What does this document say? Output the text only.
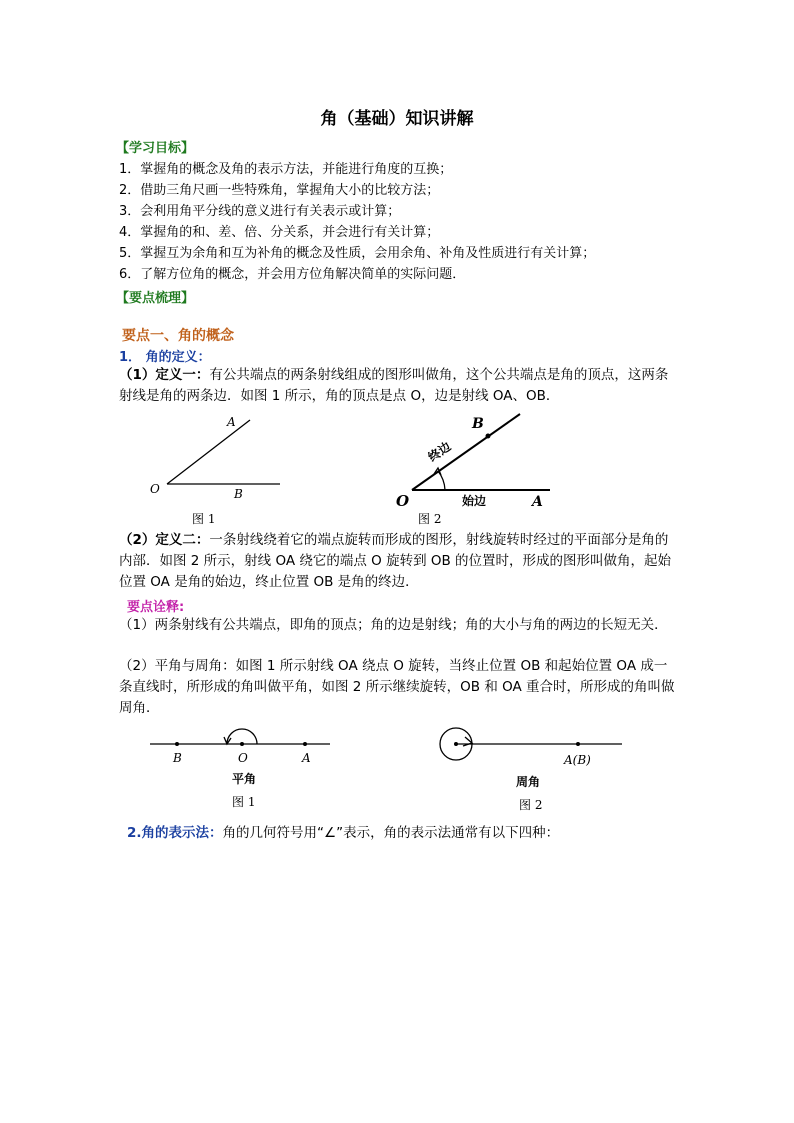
角（基础）知识讲解
【学习目标】
1．掌握角的概念及角的表示方法，并能进行角度的互换；
2．借助三角尺画一些特殊角，掌握角大小的比较方法；
3．会利用角平分线的意义进行有关表示或计算；
4．掌握角的和、差、倍、分关系，并会进行有关计算；
5．掌握互为余角和互为补角的概念及性质，会用余角、补角及性质进行有关计算；
6．了解方位角的概念，并会用方位角解决简单的实际问题．
【要点梳理】
要点一、角的概念
1． 角的定义：
（1）定义一：有公共端点的两条射线组成的图形叫做角，这个公共端点是角的顶点，这两条射线是角的两条边．如图 1 所示，角的顶点是点 O，边是射线 OA、OB．
A
B
O
图 1
B
A
O
终边
始边
图 2
（2）定义二：一条射线绕着它的端点旋转而形成的图形，射线旋转时经过的平面部分是角的内部．如图 2 所示，射线 OA 绕它的端点 O 旋转到 OB 的位置时，形成的图形叫做角，起始位置 OA 是角的始边，终止位置 OB 是角的终边．
要点诠释:
（1）两条射线有公共端点，即角的顶点；角的边是射线；角的大小与角的两边的长短无关．
（2）平角与周角：如图 1 所示射线 OA 绕点 O 旋转，当终止位置 OB 和起始位置 OA 成一条直线时，所形成的角叫做平角，如图 2 所示继续旋转，OB 和 OA 重合时，所形成的角叫做周角．
B	O	A
平角
图 1
A(B)
周角
图 2
2.角的表示法：角的几何符号用“∠”表示，角的表示法通常有以下四种：
